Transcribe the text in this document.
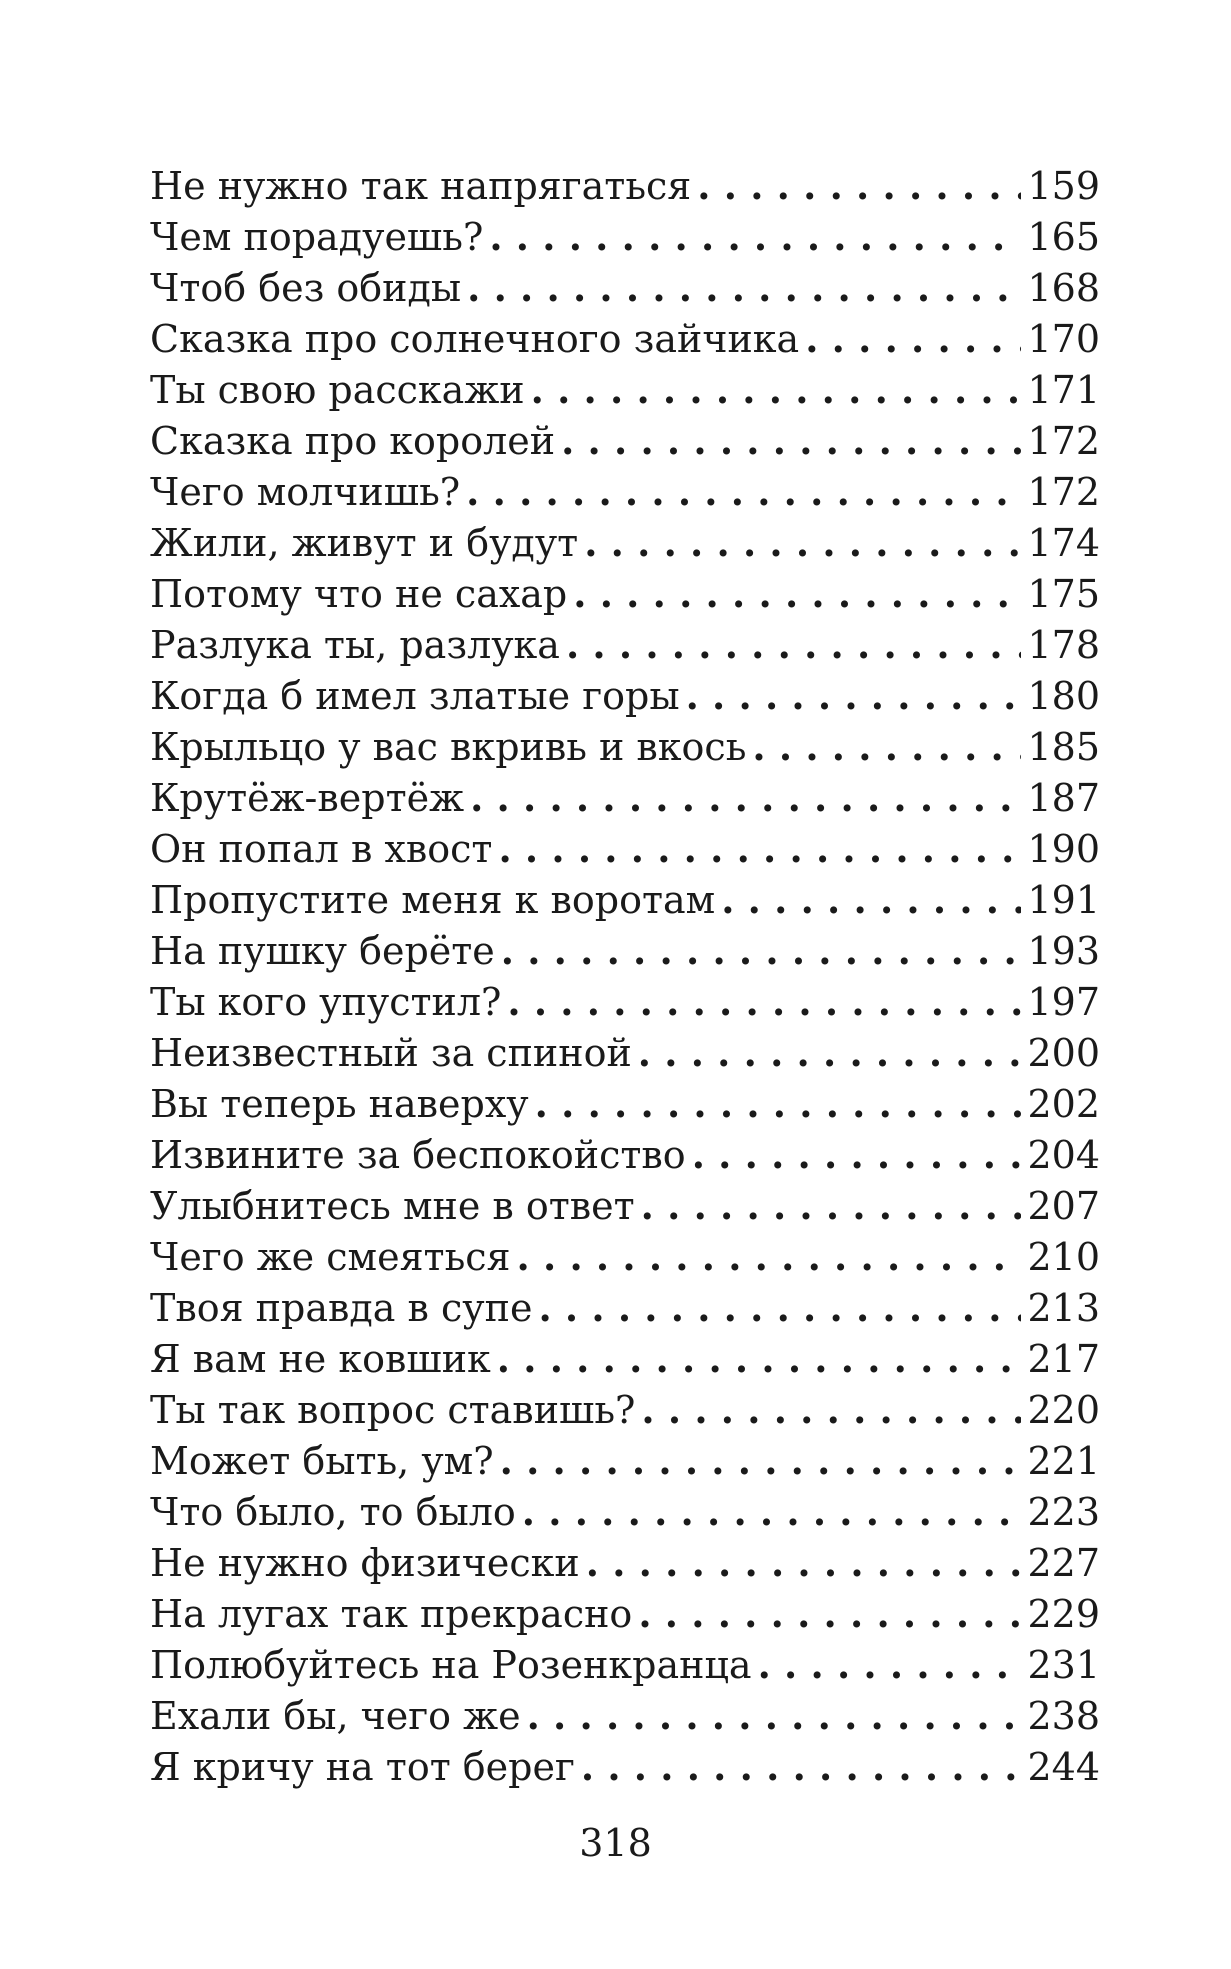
Не нужно так напрягаться . . .	159
Чем порадуешь? . . .	165
Чтоб без обиды . . .	168
Сказка про солнечного зайчика . . .	170
Ты свою расскажи . . .	171
Сказка про королей . . .	172
Чего молчишь? . . .	172
Жили, живут и будут . . .	174
Потому что не сахар . . .	175
Разлука ты, разлука . . .	178
Когда б имел златые горы . . .	180
Крыльцо у вас вкривь и вкось . . .	185
Крутёж-вертёж . . .	187
Он попал в хвост . . .	190
Пропустите меня к воротам . . .	191
На пушку берёте . . .	193
Ты кого упустил? . . .	197
Неизвестный за спиной . . .	200
Вы теперь наверху . . .	202
Извините за беспокойство . . .	204
Улыбнитесь мне в ответ . . .	207
Чего же смеяться . . .	210
Твоя правда в супе . . .	213
Я вам не ковшик . . .	217
Ты так вопрос ставишь? . . .	220
Может быть, ум? . . .	221
Что было, то было . . .	223
Не нужно физически . . .	227
На лугах так прекрасно . . .	229
Полюбуйтесь на Розенкранца . . .	231
Ехали бы, чего же . . .	238
Я кричу на тот берег . . .	244
318
